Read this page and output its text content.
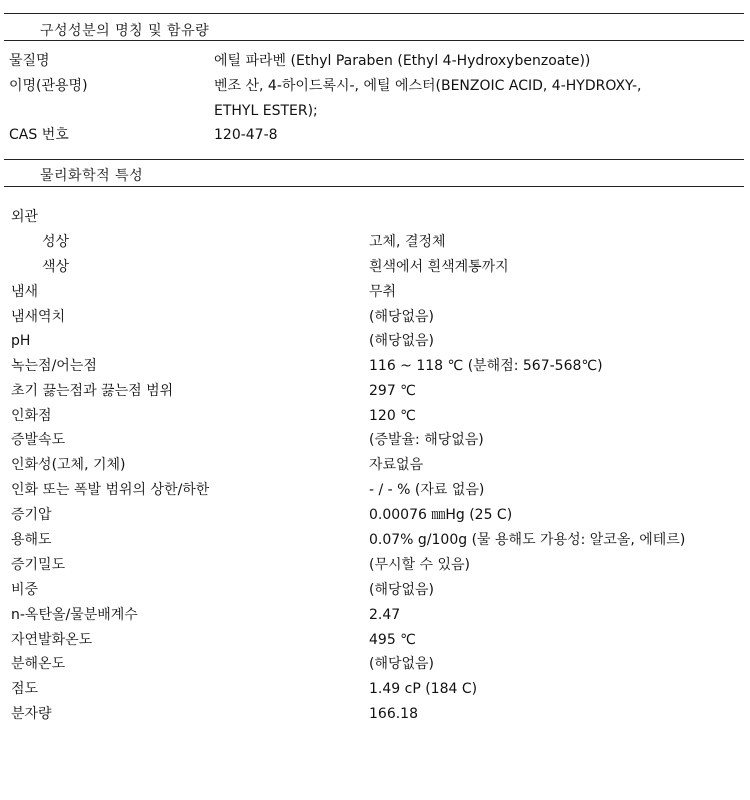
구성성분의 명칭 및 함유량
물질명	에틸 파라벤 (Ethyl Paraben (Ethyl 4-Hydroxybenzoate))
이명(관용명)	벤조 산, 4-하이드록시-, 에틸 에스터(BENZOIC ACID, 4-HYDROXY-,
ETHYL ESTER);
CAS 번호	120-47-8
물리화학적 특성
외관
성상	고체, 결정체
색상	흰색에서 흰색계통까지
냄새	무취
냄새역치	(해당없음)
pH	(해당없음)
녹는점/어는점	116 ~ 118 ℃ (분해점: 567-568℃)
초기 끓는점과 끓는점 범위	297 ℃
인화점	120 ℃
증발속도	(증발율: 해당없음)
인화성(고체, 기체)	자료없음
인화 또는 폭발 범위의 상한/하한	- / - % (자료 없음)
증기압	0.00076 ㎜Hg (25 C)
용해도	0.07% g/100g (물 용해도 가용성: 알코올, 에테르)
증기밀도	(무시할 수 있음)
비중	(해당없음)
n-옥탄올/물분배계수	2.47
자연발화온도	495 ℃
분해온도	(해당없음)
점도	1.49 cP (184 C)
분자량	166.18
